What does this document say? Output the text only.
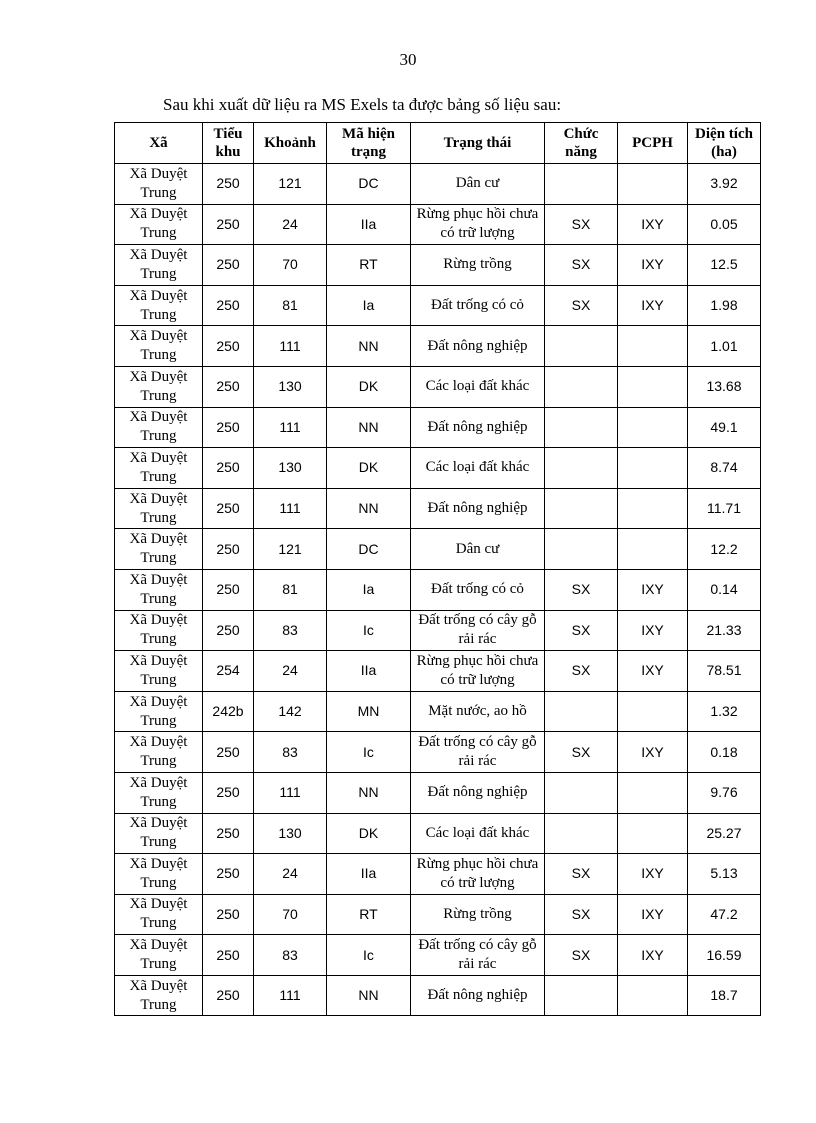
30
Sau khi xuất dữ liệu ra MS Exels ta được bảng số liệu sau:
Xã	Tiểu khu	Khoảnh	Mã hiện trạng	Trạng thái	Chức năng	PCPH	Diện tích (ha)
Xã Duyệt Trung	250	121	DC	Dân cư			3.92
Xã Duyệt Trung	250	24	IIa	Rừng phục hồi chưa có trữ lượng	SX	IXY	0.05
Xã Duyệt Trung	250	70	RT	Rừng trồng	SX	IXY	12.5
Xã Duyệt Trung	250	81	Ia	Đất trống có cỏ	SX	IXY	1.98
Xã Duyệt Trung	250	111	NN	Đất nông nghiệp			1.01
Xã Duyệt Trung	250	130	DK	Các loại đất khác			13.68
Xã Duyệt Trung	250	111	NN	Đất nông nghiệp			49.1
Xã Duyệt Trung	250	130	DK	Các loại đất khác			8.74
Xã Duyệt Trung	250	111	NN	Đất nông nghiệp			11.71
Xã Duyệt Trung	250	121	DC	Dân cư			12.2
Xã Duyệt Trung	250	81	Ia	Đất trống có cỏ	SX	IXY	0.14
Xã Duyệt Trung	250	83	Ic	Đất trống có cây gỗ rải rác	SX	IXY	21.33
Xã Duyệt Trung	254	24	IIa	Rừng phục hồi chưa có trữ lượng	SX	IXY	78.51
Xã Duyệt Trung	242b	142	MN	Mặt nước, ao hồ			1.32
Xã Duyệt Trung	250	83	Ic	Đất trống có cây gỗ rải rác	SX	IXY	0.18
Xã Duyệt Trung	250	111	NN	Đất nông nghiệp			9.76
Xã Duyệt Trung	250	130	DK	Các loại đất khác			25.27
Xã Duyệt Trung	250	24	IIa	Rừng phục hồi chưa có trữ lượng	SX	IXY	5.13
Xã Duyệt Trung	250	70	RT	Rừng trồng	SX	IXY	47.2
Xã Duyệt Trung	250	83	Ic	Đất trống có cây gỗ rải rác	SX	IXY	16.59
Xã Duyệt Trung	250	111	NN	Đất nông nghiệp			18.7
